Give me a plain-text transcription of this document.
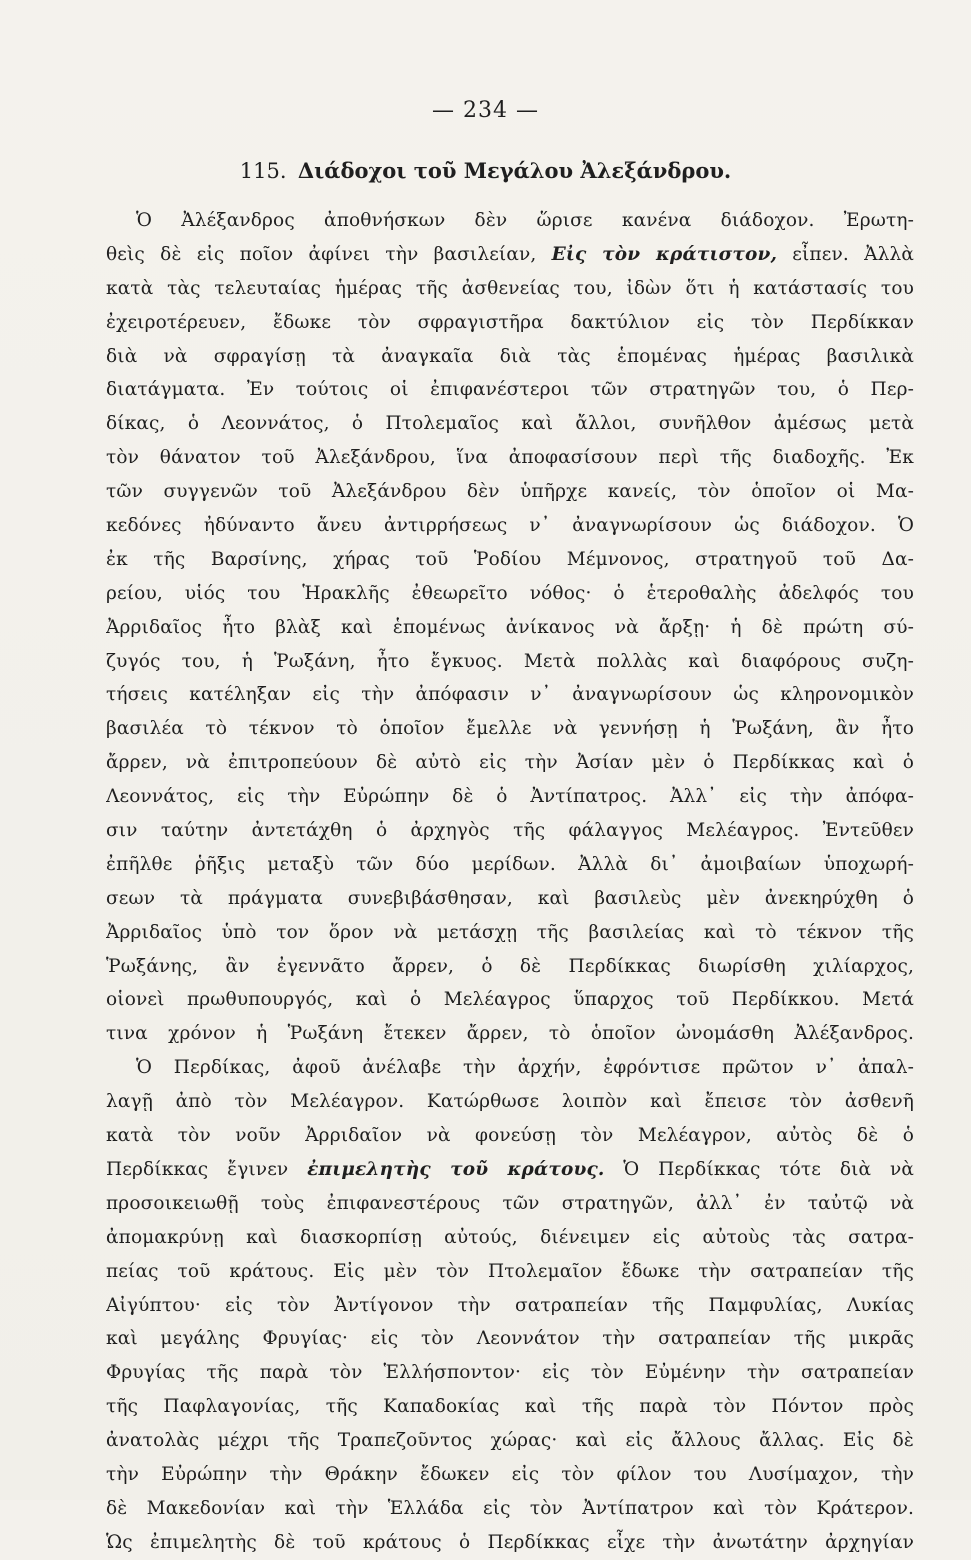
— 234 —
115. Διάδοχοι τοῦ Μεγάλου Ἀλεξάνδρου.
Ὁ Ἀλέξανδρος ἀποθνήσκων δὲν ὥρισε κανένα διάδοχον. Ἐρωτη-
θεὶς δὲ εἰς ποῖον ἀφίνει τὴν βασιλείαν, Εἰς τὸν κράτιστον, εἶπεν. Ἀλλὰ
κατὰ τὰς τελευταίας ἡμέρας τῆς ἀσθενείας του, ἰδὼν ὅτι ἡ κατάστασίς του
ἐχειροτέρευεν, ἔδωκε τὸν σφραγιστῆρα δακτύλιον εἰς τὸν Περδίκκαν
διὰ νὰ σφραγίσῃ τὰ ἀναγκαῖα διὰ τὰς ἑπομένας ἡμέρας βασιλικὰ
διατάγματα. Ἐν τούτοις οἱ ἐπιφανέστεροι τῶν στρατηγῶν του, ὁ Περ-
δίκας, ὁ Λεοννάτος, ὁ Πτολεμαῖος καὶ ἄλλοι, συνῆλθον ἀμέσως μετὰ
τὸν θάνατον τοῦ Ἀλεξάνδρου, ἵνα ἀποφασίσουν περὶ τῆς διαδοχῆς. Ἐκ
τῶν συγγενῶν τοῦ Ἀλεξάνδρου δὲν ὑπῆρχε κανείς, τὸν ὁποῖον οἱ Μα-
κεδόνες ἠδύναντο ἄνευ ἀντιρρήσεως ν᾽ ἀναγνωρίσουν ὡς διάδοχον. Ὁ
ἐκ τῆς Βαρσίνης, χήρας τοῦ Ῥοδίου Μέμνονος, στρατηγοῦ τοῦ Δα-
ρείου, υἱός του Ἡρακλῆς ἐθεωρεῖτο νόθος· ὁ ἑτεροθαλὴς ἀδελφός του
Ἀρριδαῖος ἦτο βλὰξ καὶ ἑπομένως ἀνίκανος νὰ ἄρξῃ· ἡ δὲ πρώτη σύ-
ζυγός του, ἡ Ῥωξάνη, ἦτο ἔγκυος. Μετὰ πολλὰς καὶ διαφόρους συζη-
τήσεις κατέληξαν εἰς τὴν ἀπόφασιν ν᾽ ἀναγνωρίσουν ὡς κληρονομικὸν
βασιλέα τὸ τέκνον τὸ ὁποῖον ἔμελλε νὰ γεννήσῃ ἡ Ῥωξάνη, ἂν ἦτο
ἄρρεν, νὰ ἐπιτροπεύουν δὲ αὐτὸ εἰς τὴν Ἀσίαν μὲν ὁ Περδίκκας καὶ ὁ
Λεοννάτος, εἰς τὴν Εὐρώπην δὲ ὁ Ἀντίπατρος. Ἀλλ᾽ εἰς τὴν ἀπόφα-
σιν ταύτην ἀντετάχθη ὁ ἀρχηγὸς τῆς φάλαγγος Μελέαγρος. Ἐντεῦθεν
ἐπῆλθε ῥῆξις μεταξὺ τῶν δύο μερίδων. Ἀλλὰ δι᾽ ἀμοιβαίων ὑποχωρή-
σεων τὰ πράγματα συνεβιβάσθησαν, καὶ βασιλεὺς μὲν ἀνεκηρύχθη ὁ
Ἀρριδαῖος ὑπὸ τον ὅρον νὰ μετάσχῃ τῆς βασιλείας καὶ τὸ τέκνον τῆς
Ῥωξάνης, ἂν ἐγεννᾶτο ἄρρεν, ὁ δὲ Περδίκκας διωρίσθη χιλίαρχος,
οἱονεὶ πρωθυπουργός, καὶ ὁ Μελέαγρος ὕπαρχος τοῦ Περδίκκου. Μετά
τινα χρόνον ἡ Ῥωξάνη ἔτεκεν ἄρρεν, τὸ ὁποῖον ὠνομάσθη Ἀλέξανδρος.
Ὁ Περδίκας, ἀφοῦ ἀνέλαβε τὴν ἀρχήν, ἐφρόντισε πρῶτον ν᾽ ἀπαλ-
λαγῇ ἀπὸ τὸν Μελέαγρον. Κατώρθωσε λοιπὸν καὶ ἔπεισε τὸν ἀσθενῆ
κατὰ τὸν νοῦν Ἀρριδαῖον νὰ φονεύσῃ τὸν Μελέαγρον, αὐτὸς δὲ ὁ
Περδίκκας ἔγινεν ἐπιμελητὴς τοῦ κράτους. Ὁ Περδίκκας τότε διὰ νὰ
προσοικειωθῇ τοὺς ἐπιφανεστέρους τῶν στρατηγῶν, ἀλλ᾽ ἐν ταὐτῷ νὰ
ἀπομακρύνῃ καὶ διασκορπίσῃ αὐτούς, διένειμεν εἰς αὐτοὺς τὰς σατρα-
πείας τοῦ κράτους. Εἰς μὲν τὸν Πτολεμαῖον ἔδωκε τὴν σατραπείαν τῆς
Αἰγύπτου· εἰς τὸν Ἀντίγονον τὴν σατραπείαν τῆς Παμφυλίας, Λυκίας
καὶ μεγάλης Φρυγίας· εἰς τὸν Λεοννάτον τὴν σατραπείαν τῆς μικρᾶς
Φρυγίας τῆς παρὰ τὸν Ἑλλήσποντον· εἰς τὸν Εὐμένην τὴν σατραπείαν
τῆς Παφλαγονίας, τῆς Καπαδοκίας καὶ τῆς παρὰ τὸν Πόντον πρὸς
ἀνατολὰς μέχρι τῆς Τραπεζοῦντος χώρας· καὶ εἰς ἄλλους ἄλλας. Εἰς δὲ
τὴν Εὐρώπην τὴν Θράκην ἔδωκεν εἰς τὸν φίλον του Λυσίμαχον, τὴν
δὲ Μακεδονίαν καὶ τὴν Ἑλλάδα εἰς τὸν Ἀντίπατρον καὶ τὸν Κράτερον.
Ὡς ἐπιμελητὴς δὲ τοῦ κράτους ὁ Περδίκκας εἶχε τὴν ἀνωτάτην ἀρχηγίαν
